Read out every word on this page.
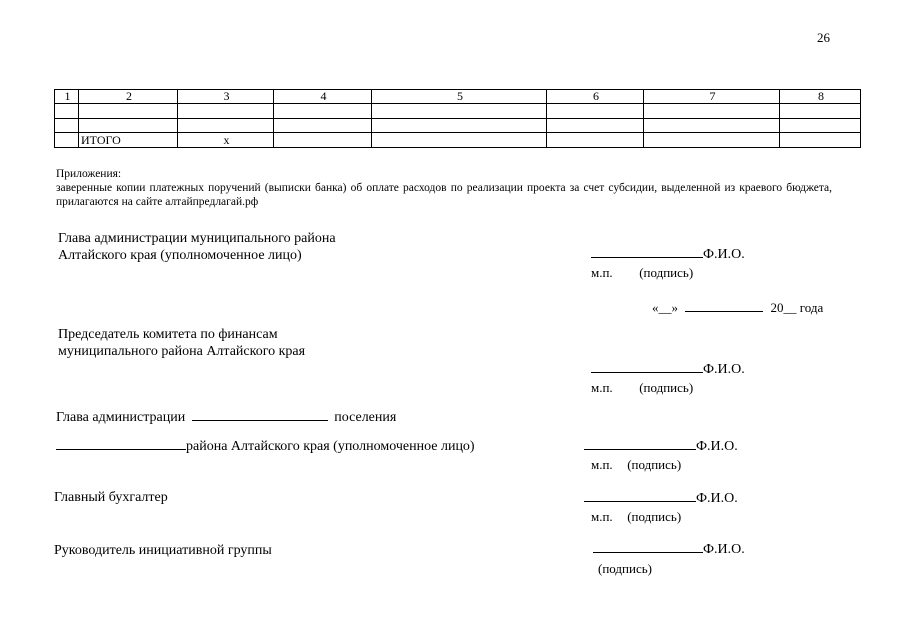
26
1	2	3	4	5	6	7	8

	ИТОГО	х					
Приложения:
заверенные копии платежных поручений (выписки банка) об оплате расходов по реализации проекта за счет субсидии, выделенной из краевого бюджета, прилагаются на сайте алтайпредлагай.рф
Глава администрации муниципального района
Алтайского края (уполномоченное лицо)	Ф.И.О.
м.п. (подпись)
«__»	20__ года
Председатель комитета по финансам
муниципального района Алтайского края
Ф.И.О.
м.п. (подпись)
Глава администрации	поселения
района Алтайского края (уполномоченное лицо)	Ф.И.О.
м.п. (подпись)
Главный бухгалтер	Ф.И.О.
м.п. (подпись)
Руководитель инициативной группы	Ф.И.О.
(подпись)
